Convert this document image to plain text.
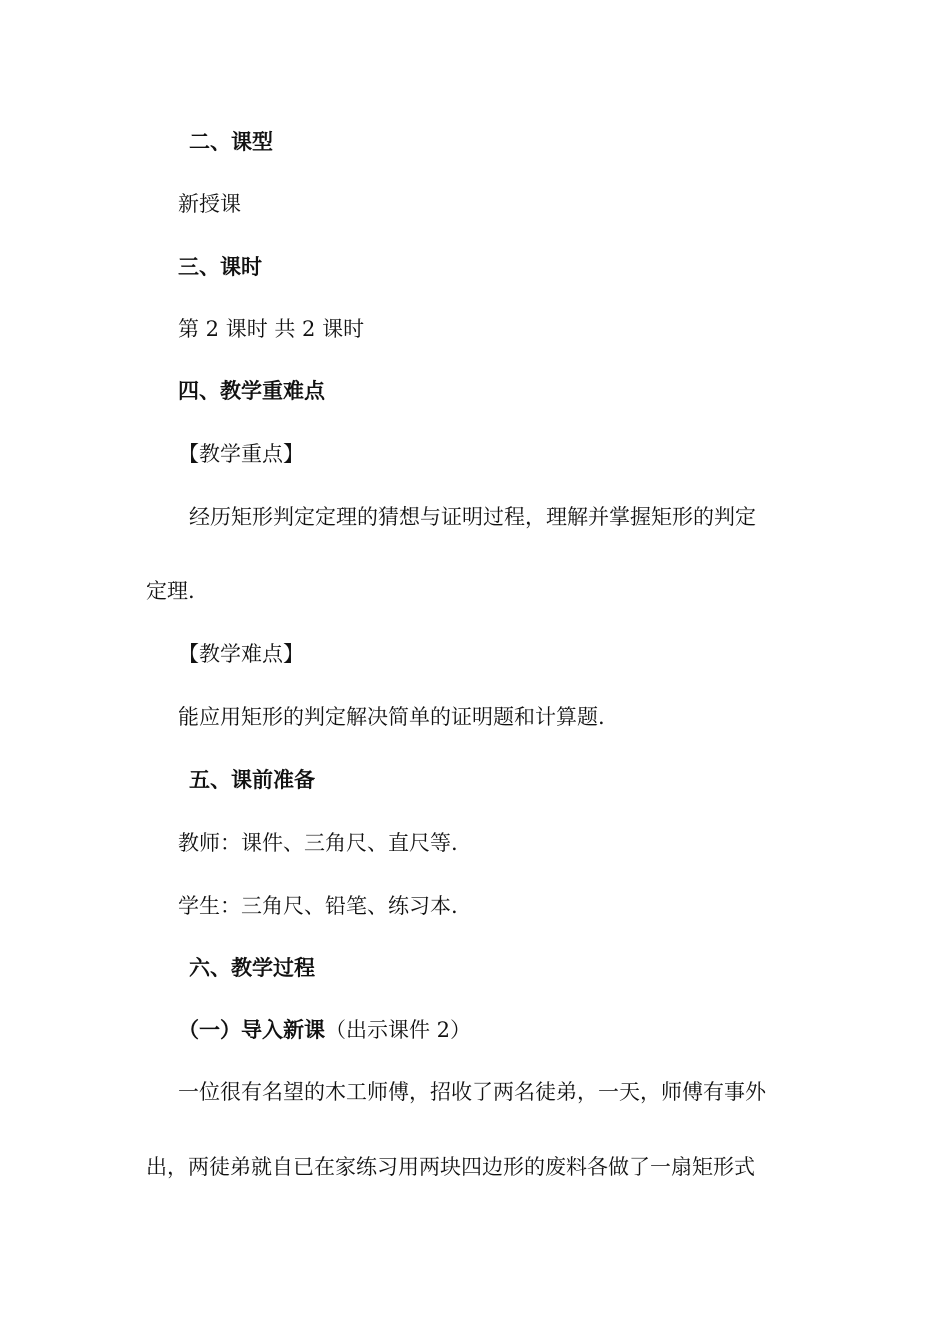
二、课型
新授课
三、课时
第 2 课时 共 2 课时
四、教学重难点
【教学重点】
经历矩形判定定理的猜想与证明过程，理解并掌握矩形的判定
定理.
【教学难点】
能应用矩形的判定解决简单的证明题和计算题.
五、课前准备
教师：课件、三角尺、直尺等.
学生：三角尺、铅笔、练习本.
六、教学过程
（一）导入新课（出示课件 2）
一位很有名望的木工师傅，招收了两名徒弟，一天，师傅有事外
出，两徒弟就自已在家练习用两块四边形的废料各做了一扇矩形式
